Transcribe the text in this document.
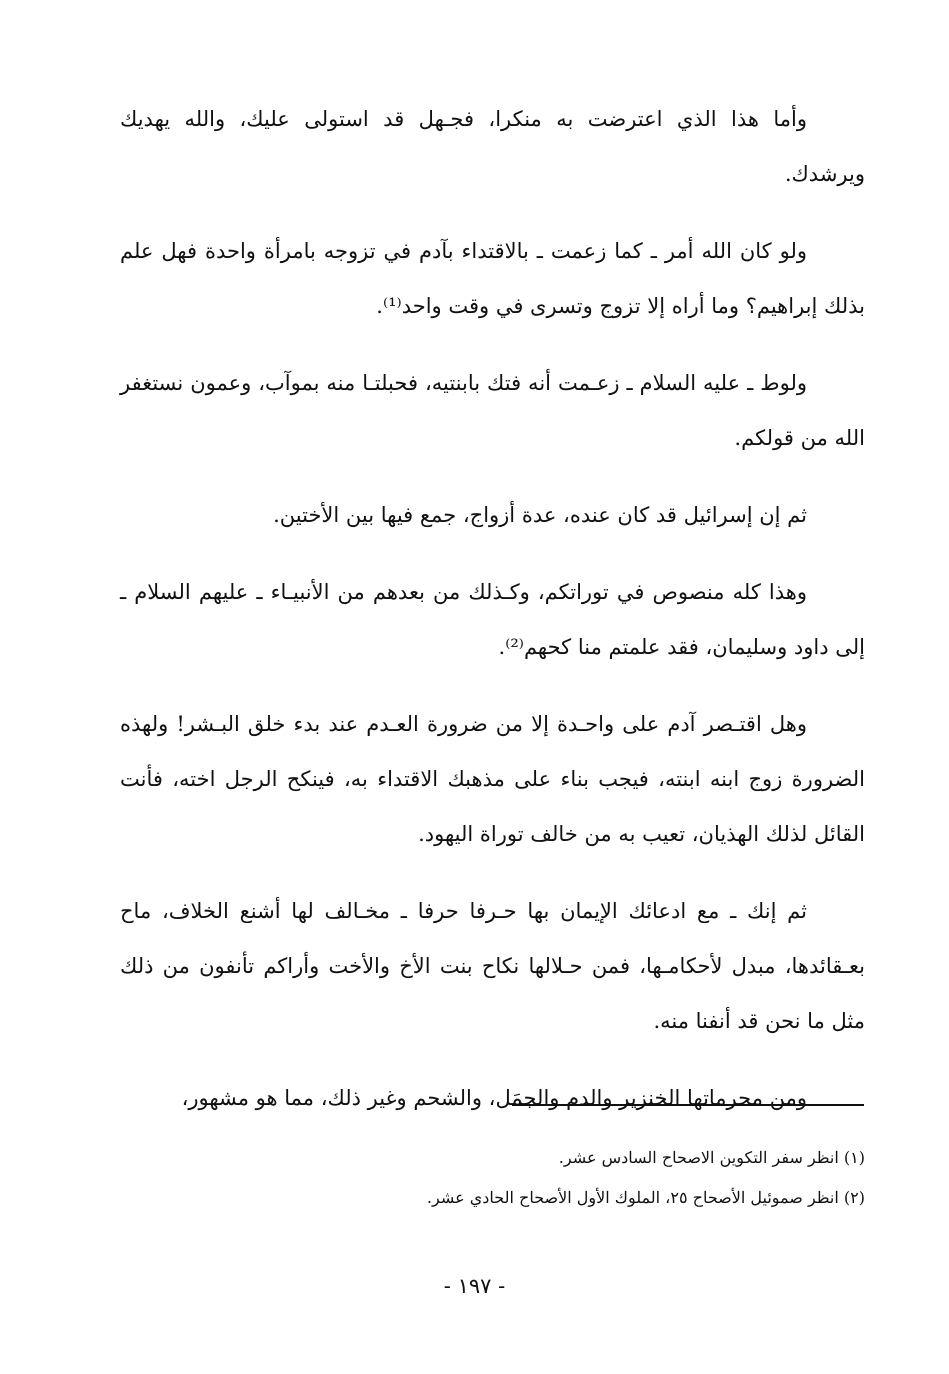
وأما هذا الذي اعترضت به منكرا، فجـهل قد استولى عليك، والله يهديك ويرشدك.

ولو كان الله أمر ـ كما زعمت ـ بالاقتداء بآدم في تزوجه بامرأة واحدة فهل علم بذلك إبراهيم؟ وما أراه إلا تزوج وتسرى في وقت واحد⁽¹⁾.

ولوط ـ عليه السلام ـ زعـمت أنه فتك بابنتيه، فحبلتـا منه بموآب، وعمون نستغفر الله من قولكم.

ثم إن إسرائيل قد كان عنده، عدة أزواج، جمع فيها بين الأختين.

وهذا كله منصوص في توراتكم، وكـذلك من بعدهم من الأنبيـاء ـ عليهم السلام ـ إلى داود وسليمان، فقد علمتم منا كحهم⁽²⁾.

وهل اقتـصر آدم على واحـدة إلا من ضرورة العـدم عند بدء خلق البـشر! ولهذه الضرورة زوج ابنه ابنته، فيجب بناء على مذهبك الاقتداء به، فينكح الرجل اخته، فأنت القائل لذلك الهذيان، تعيب به من خالف توراة اليهود.

ثم إنك ـ مع ادعائك الإيمان بها حـرفا حرفا ـ مخـالف لها أشنع الخلاف، ماح بعـقائدها، مبدل لأحكامـها، فمن حـلالها نكاح بنت الأخ والأخت وأراكم تأنفون من ذلك مثل ما نحن قد أنفنا منه.

ومن محرماتها الخنزير والدم والجمَل، والشحم وغير ذلك، مما هو مشهور،

(١) انظر سفر التكوين الاصحاح السادس عشر.

(٢) انظر صموئيل الأصحاح ٢٥، الملوك الأول الأصحاح الحادي عشر.

- ١٩٧ -
